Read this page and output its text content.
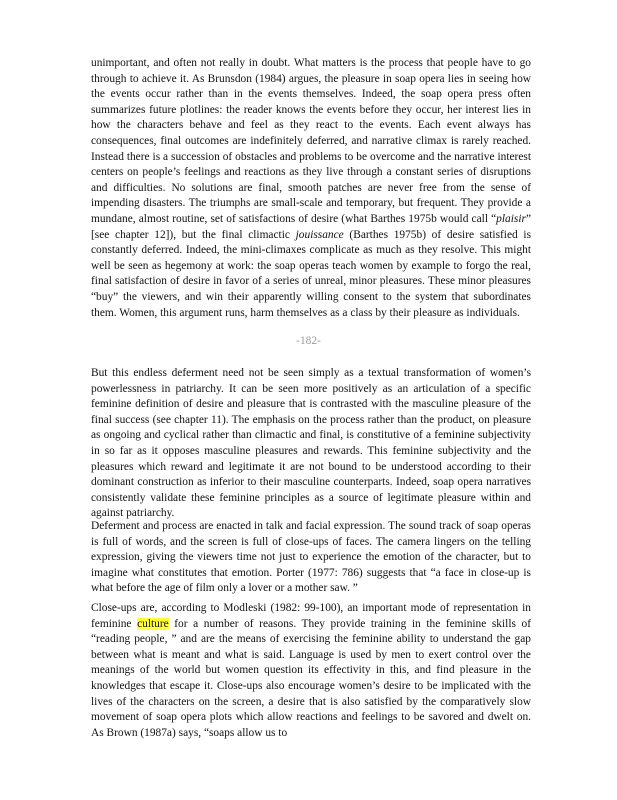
unimportant, and often not really in doubt. What matters is the process that people have to go through to achieve it. As Brunsdon (1984) argues, the pleasure in soap opera lies in seeing how the events occur rather than in the events themselves. Indeed, the soap opera press often summarizes future plotlines: the reader knows the events before they occur, her interest lies in how the characters behave and feel as they react to the events. Each event always has consequences, final outcomes are indefinitely deferred, and narrative climax is rarely reached. Instead there is a succession of obstacles and problems to be overcome and the narrative interest centers on people’s feelings and reactions as they live through a constant series of disruptions and difficulties. No solutions are final, smooth patches are never free from the sense of impending disasters. The triumphs are small-scale and temporary, but frequent. They provide a mundane, almost routine, set of satisfactions of desire (what Barthes 1975b would call “plaisir” [see chapter 12]), but the final climactic jouissance (Barthes 1975b) of desire satisfied is constantly deferred. Indeed, the mini-climaxes complicate as much as they resolve. This might well be seen as hegemony at work: the soap operas teach women by example to forgo the real, final satisfaction of desire in favor of a series of unreal, minor pleasures. These minor pleasures “buy” the viewers, and win their apparently willing consent to the system that subordinates them. Women, this argument runs, harm themselves as a class by their pleasure as individuals.

-182-

But this endless deferment need not be seen simply as a textual transformation of women’s powerlessness in patriarchy. It can be seen more positively as an articulation of a specific feminine definition of desire and pleasure that is contrasted with the masculine pleasure of the final success (see chapter 11). The emphasis on the process rather than the product, on pleasure as ongoing and cyclical rather than climactic and final, is constitutive of a feminine subjectivity in so far as it opposes masculine pleasures and rewards. This feminine subjectivity and the pleasures which reward and legitimate it are not bound to be understood according to their dominant construction as inferior to their masculine counterparts. Indeed, soap opera narratives consistently validate these feminine principles as a source of legitimate pleasure within and against patriarchy.

Deferment and process are enacted in talk and facial expression. The sound track of soap operas is full of words, and the screen is full of close-ups of faces. The camera lingers on the telling expression, giving the viewers time not just to experience the emotion of the character, but to imagine what constitutes that emotion. Porter (1977: 786) suggests that “a face in close-up is what before the age of film only a lover or a mother saw. ”

Close-ups are, according to Modleski (1982: 99-100), an important mode of representation in feminine culture for a number of reasons. They provide training in the feminine skills of “reading people, ” and are the means of exercising the feminine ability to understand the gap between what is meant and what is said. Language is used by men to exert control over the meanings of the world but women question its effectivity in this, and find pleasure in the knowledges that escape it. Close-ups also encourage women’s desire to be implicated with the lives of the characters on the screen, a desire that is also satisfied by the comparatively slow movement of soap opera plots which allow reactions and feelings to be savored and dwelt on. As Brown (1987a) says, “soaps allow us to
